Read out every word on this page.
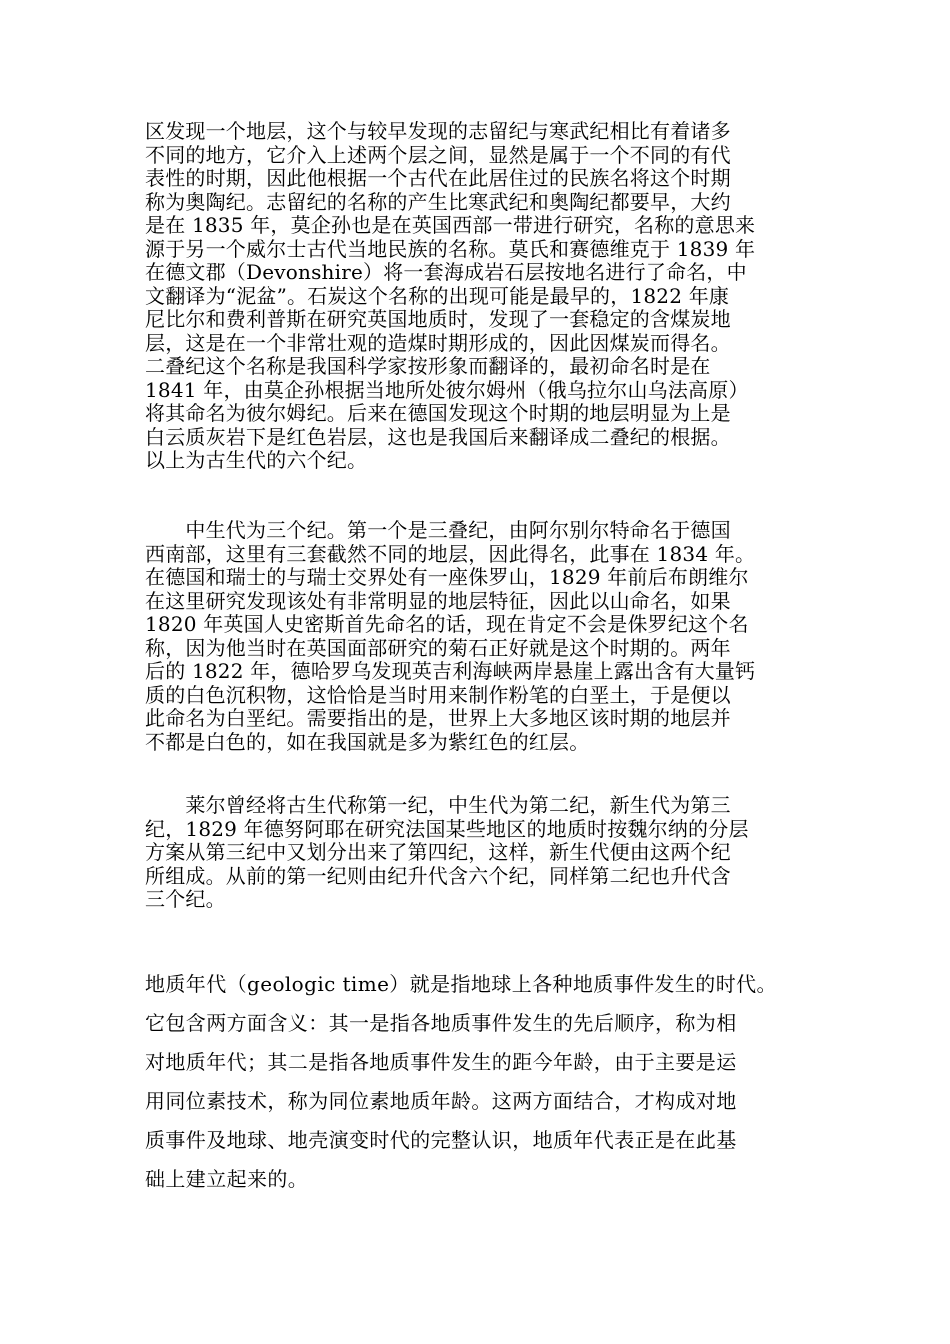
区发现一个地层，这个与较早发现的志留纪与寒武纪相比有着诸多
不同的地方，它介入上述两个层之间，显然是属于一个不同的有代
表性的时期，因此他根据一个古代在此居住过的民族名将这个时期
称为奥陶纪。志留纪的名称的产生比寒武纪和奥陶纪都要早，大约
是在 1835 年，莫企孙也是在英国西部一带进行研究，名称的意思来
源于另一个威尔士古代当地民族的名称。莫氏和赛德维克于 1839 年
在德文郡（Devonshire）将一套海成岩石层按地名进行了命名，中
文翻译为“泥盆”。石炭这个名称的出现可能是最早的，1822 年康
尼比尔和费利普斯在研究英国地质时，发现了一套稳定的含煤炭地
层，这是在一个非常壮观的造煤时期形成的，因此因煤炭而得名。
二叠纪这个名称是我国科学家按形象而翻译的，最初命名时是在
1841 年，由莫企孙根据当地所处彼尔姆州（俄乌拉尔山乌法高原）
将其命名为彼尔姆纪。后来在德国发现这个时期的地层明显为上是
白云质灰岩下是红色岩层，这也是我国后来翻译成二叠纪的根据。
以上为古生代的六个纪。
　　中生代为三个纪。第一个是三叠纪，由阿尔别尔特命名于德国
西南部，这里有三套截然不同的地层，因此得名，此事在 1834 年。
在德国和瑞士的与瑞士交界处有一座侏罗山，1829 年前后布朗维尔
在这里研究发现该处有非常明显的地层特征，因此以山命名，如果
1820 年英国人史密斯首先命名的话，现在肯定不会是侏罗纪这个名
称，因为他当时在英国面部研究的菊石正好就是这个时期的。两年
后的 1822 年，德哈罗乌发现英吉利海峡两岸悬崖上露出含有大量钙
质的白色沉积物，这恰恰是当时用来制作粉笔的白垩土，于是便以
此命名为白垩纪。需要指出的是，世界上大多地区该时期的地层并
不都是白色的，如在我国就是多为紫红色的红层。
　　莱尔曾经将古生代称第一纪，中生代为第二纪，新生代为第三
纪，1829 年德努阿耶在研究法国某些地区的地质时按魏尔纳的分层
方案从第三纪中又划分出来了第四纪，这样，新生代便由这两个纪
所组成。从前的第一纪则由纪升代含六个纪，同样第二纪也升代含
三个纪。
地质年代（geologic time）就是指地球上各种地质事件发生的时代。
它包含两方面含义：其一是指各地质事件发生的先后顺序，称为相
对地质年代；其二是指各地质事件发生的距今年龄，由于主要是运
用同位素技术，称为同位素地质年龄。这两方面结合，才构成对地
质事件及地球、地壳演变时代的完整认识，地质年代表正是在此基
础上建立起来的。
